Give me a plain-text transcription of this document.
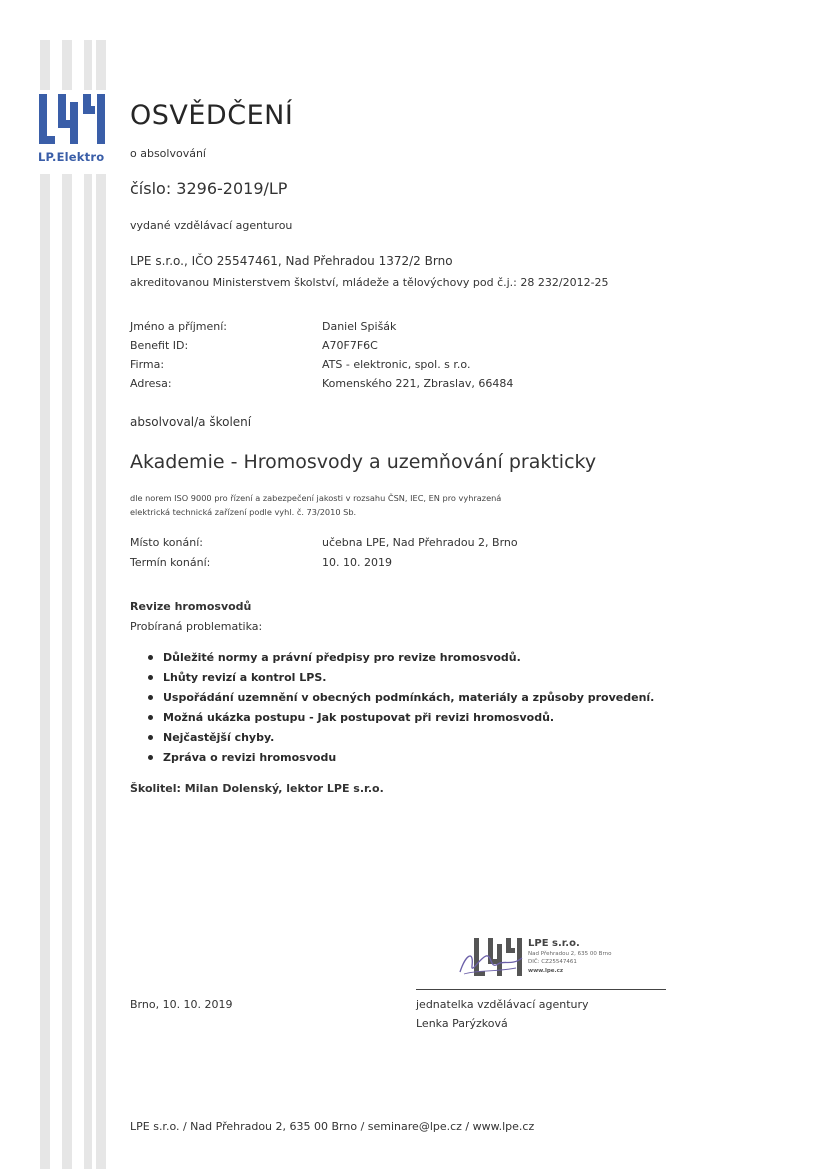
LP.Elektro
OSVĚDČENÍ
o absolvování
číslo: 3296-2019/LP
vydané vzdělávací agenturou
LPE s.r.o., IČO 25547461, Nad Přehradou 1372/2 Brno
akreditovanou Ministerstvem školství, mládeže a tělovýchovy pod č.j.: 28 232/2012-25
Jméno a příjmení:	Daniel Spišák
Benefit ID:	A70F7F6C
Firma:	ATS - elektronic, spol. s r.o.
Adresa:	Komenského 221, Zbraslav, 66484
absolvoval/a školení
Akademie - Hromosvody a uzemňování prakticky
dle norem ISO 9000 pro řízení a zabezpečení jakosti v rozsahu ČSN, IEC, EN pro vyhrazená
elektrická technická zařízení podle vyhl. č. 73/2010 Sb.
Místo konání:	učebna LPE, Nad Přehradou 2, Brno
Termín konání:	10. 10. 2019
Revize hromosvodů
Probíraná problematika:
Důležité normy a právní předpisy pro revize hromosvodů.
Lhůty revizí a kontrol LPS.
Uspořádání uzemnění v obecných podmínkách, materiály a způsoby provedení.
Možná ukázka postupu - Jak postupovat při revizi hromosvodů.
Nejčastější chyby.
Zpráva o revizi hromosvodu
Školitel: Milan Dolenský, lektor LPE s.r.o.
LPE s.r.o.
Nad Přehradou 2, 635 00 Brno
DIČ: CZ25547461
www.lpe.cz
Brno, 10. 10. 2019	jednatelka vzdělávací agentury
Lenka Parýzková
LPE s.r.o. / Nad Přehradou 2, 635 00 Brno / seminare@lpe.cz / www.lpe.cz
